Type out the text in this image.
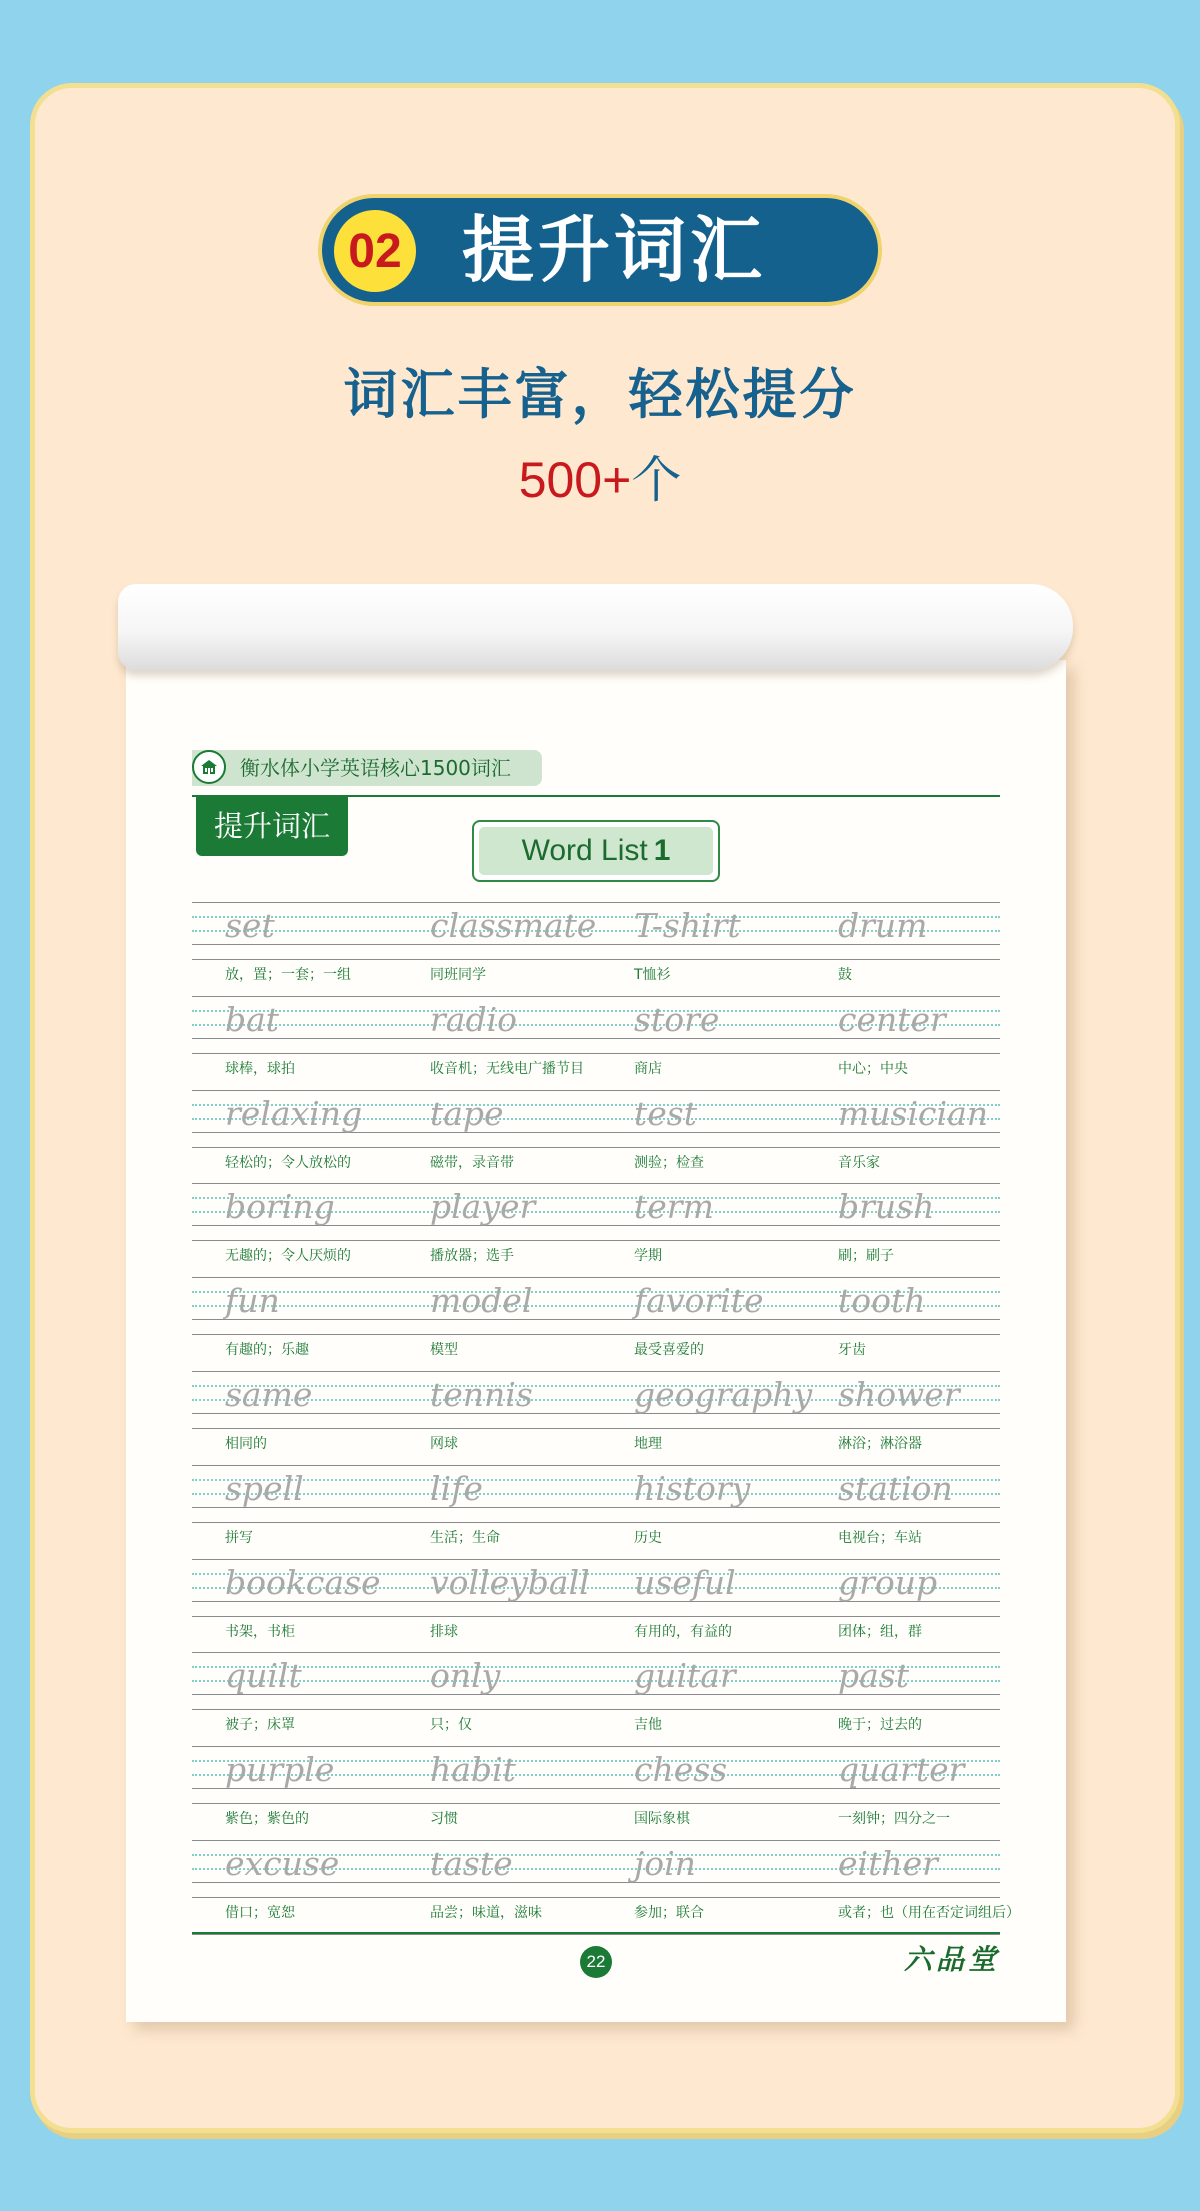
02 提升词汇
词汇丰富，轻松提分
500+个
衡水体小学英语核心1500词汇
提升词汇
Word List 1
set
放，置；一套；一组
classmate
同班同学
T-shirt
T恤衫
drum
鼓
bat
球棒，球拍
radio
收音机；无线电广播节目
store
商店
center
中心；中央
relaxing
轻松的；令人放松的
tape
磁带，录音带
test
测验；检查
musician
音乐家
boring
无趣的；令人厌烦的
player
播放器；选手
term
学期
brush
刷；刷子
fun
有趣的；乐趣
model
模型
favorite
最受喜爱的
tooth
牙齿
same
相同的
tennis
网球
geography
地理
shower
淋浴；淋浴器
spell
拼写
life
生活；生命
history
历史
station
电视台；车站
bookcase
书架，书柜
volleyball
排球
useful
有用的，有益的
group
团体；组，群
quilt
被子；床罩
only
只；仅
guitar
吉他
past
晚于；过去的
purple
紫色；紫色的
habit
习惯
chess
国际象棋
quarter
一刻钟；四分之一
excuse
借口；宽恕
taste
品尝；味道，滋味
join
参加；联合
either
或者；也（用在否定词组后）
22	六品堂
